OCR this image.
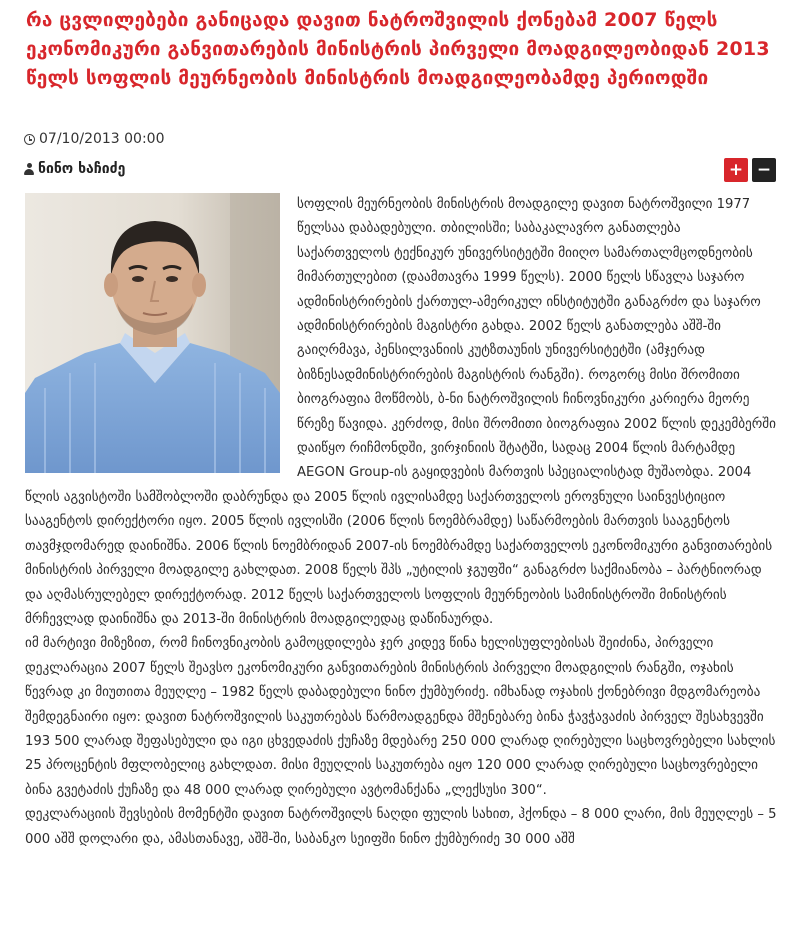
რა ცვლილებები განიცადა დავით ნატროშვილის ქონებამ 2007 წელს ეკონომიკური განვითარების მინისტრის პირველი მოადგილეობიდან 2013 წელს სოფლის მეურნეობის მინისტრის მოადგილეობამდე პერიოდში
07/10/2013 00:00
ნინო ხაჩიძე	+ −

სოფლის მეურნეობის მინისტრის მოადგილე დავით ნატროშვილი 1977 წელსაა დაბადებული. თბილისში; საბაკალავრო განათლება საქართველოს ტექნიკურ უნივერსიტეტში მიიღო სამართალმცოდნეობის მიმართულებით (დაამთავრა 1999 წელს). 2000 წელს სწავლა საჯარო ადმინისტრირების ქართულ-ამერიკულ ინსტიტუტში განაგრძო და საჯარო ადმინისტრირების მაგისტრი გახდა. 2002 წელს განათლება აშშ-ში გაიღრმავა, პენსილვანიის კუტზთაუნის უნივერსიტეტში (ამჯერად ბიზნესადმინისტრირების მაგისტრის რანგში). როგორც მისი შრომითი ბიოგრაფია მოწმობს, ბ-ნი ნატროშვილის ჩინოვნიკური კარიერა მეორე წრეზე წავიდა. კერძოდ, მისი შრომითი ბიოგრაფია 2002 წლის დეკემბერში დაიწყო რიჩმონდში, ვირჯინიის შტატში, სადაც 2004 წლის მარტამდე AEGON Group-ის გაყიდვების მართვის სპეციალისტად მუშაობდა. 2004 წლის აგვისტოში სამშობლოში დაბრუნდა და 2005 წლის ივლისამდე საქართველოს ეროვნული საინვესტიციო სააგენტოს დირექტორი იყო. 2005 წლის ივლისში (2006 წლის ნოემბრამდე) საწარმოების მართვის სააგენტოს თავმჯდომარედ დაინიშნა. 2006 წლის ნოემბრიდან 2007-ის ნოემბრამდე საქართველოს ეკონომიკური განვითარების მინისტრის პირველი მოადგილე გახლდათ. 2008 წელს შპს „უტილის ჯგუფში“ განაგრძო საქმიანობა – პარტნიორად და აღმასრულებელ დირექტორად. 2012 წელს საქართველოს სოფლის მეურნეობის სამინისტროში მინისტრის მრჩევლად დაინიშნა და 2013-ში მინისტრის მოადგილედაც დაწინაურდა.

იმ მარტივი მიზეზით, რომ ჩინოვნიკობის გამოცდილება ჯერ კიდევ წინა ხელისუფლებისას შეიძინა, პირველი დეკლარაცია 2007 წელს შეავსო ეკონომიკური განვითარების მინისტრის პირველი მოადგილის რანგში, ოჯახის წევრად კი მიუთითა მეუღლე – 1982 წელს დაბადებული ნინო ქუმბურიძე. იმხანად ოჯახის ქონებრივი მდგომარეობა შემდეგნაირი იყო: დავით ნატროშვილის საკუთრებას წარმოადგენდა მშენებარე ბინა ჭავჭავაძის პირველ შესახვევში 193 500 ლარად შეფასებული და იგი ცხვედაძის ქუჩაზე მდებარე 250 000 ლარად ღირებული საცხოვრებელი სახლის 25 პროცენტის მფლობელიც გახლდათ. მისი მეუღლის საკუთრება იყო 120 000 ლარად ღირებული საცხოვრებელი ბინა გვეტაძის ქუჩაზე და 48 000 ლარად ღირებული ავტომანქანა „ლექსუსი 300“.

დეკლარაციის შევსების მომენტში დავით ნატროშვილს ნაღდი ფულის სახით, ჰქონდა – 8 000 ლარი, მის მეუღლეს – 5 000 აშშ დოლარი და, ამასთანავე, აშშ-ში, საბანკო სეიფში ნინო ქუმბურიძე 30 000 აშშ
